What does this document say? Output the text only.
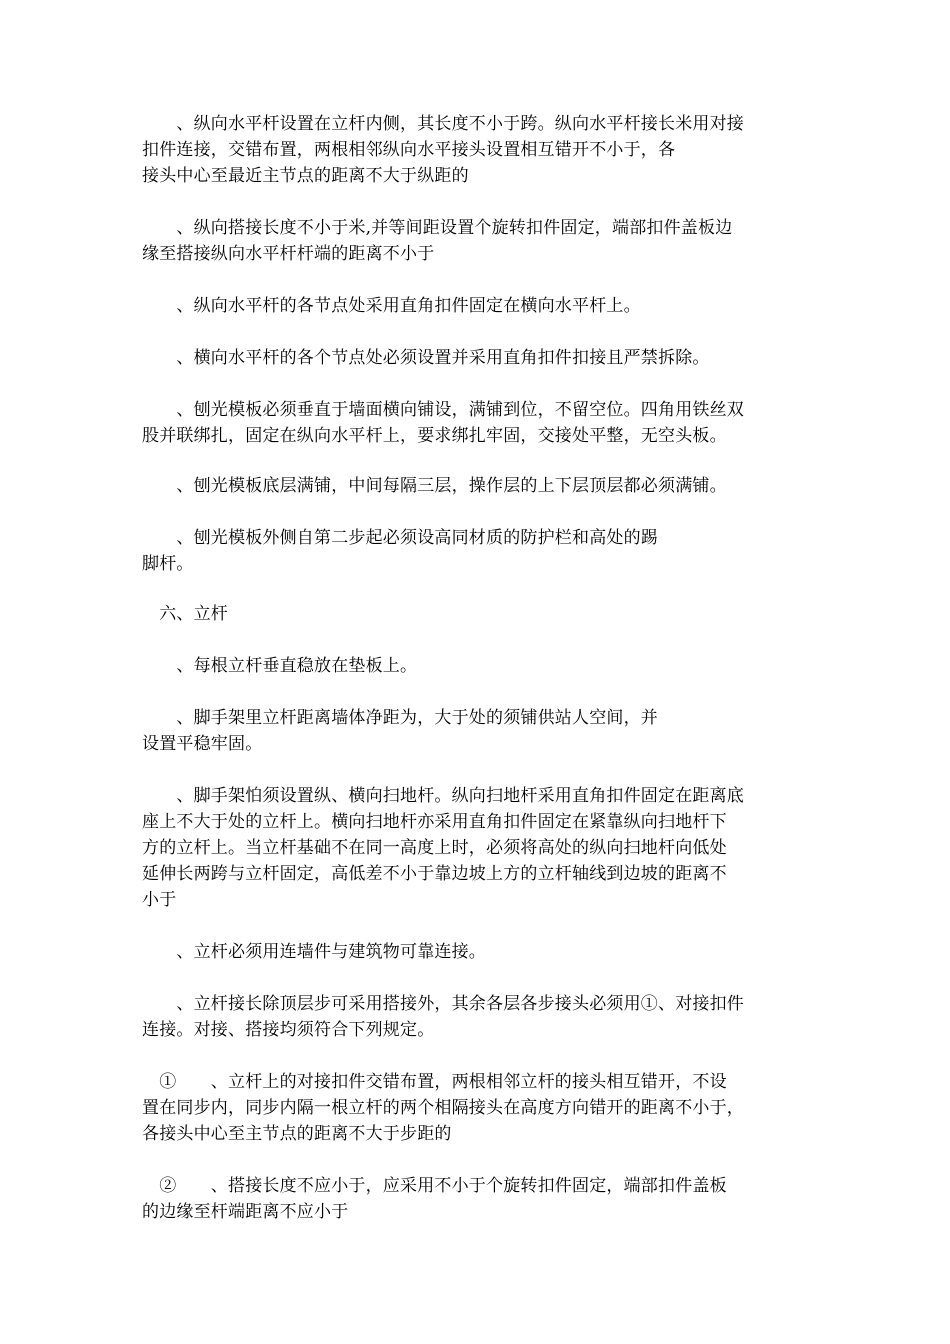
　　、纵向水平杆设置在立杆内侧，其长度不小于跨。纵向水平杆接长米用对接
扣件连接，交错布置，两根相邻纵向水平接头设置相互错开不小于，各
接头中心至最近主节点的距离不大于纵距的
　　、纵向搭接长度不小于米,并等间距设置个旋转扣件固定，端部扣件盖板边
缘至搭接纵向水平杆杆端的距离不小于
　　、纵向水平杆的各节点处采用直角扣件固定在横向水平杆上。
　　、横向水平杆的各个节点处必须设置并采用直角扣件扣接且严禁拆除。
　　、刨光模板必须垂直于墙面横向铺设，满铺到位，不留空位。四角用铁丝双
股并联绑扎，固定在纵向水平杆上，要求绑扎牢固，交接处平整，无空头板。
　　、刨光模板底层满铺，中间每隔三层，操作层的上下层顶层都必须满铺。
　　、刨光模板外侧自第二步起必须设高同材质的防护栏和高处的踢
脚杆。
　六、立杆
　　、每根立杆垂直稳放在垫板上。
　　、脚手架里立杆距离墙体净距为，大于处的须铺供站人空间，并
设置平稳牢固。
　　、脚手架怕须设置纵、横向扫地杆。纵向扫地杆采用直角扣件固定在距离底
座上不大于处的立杆上。横向扫地杆亦采用直角扣件固定在紧靠纵向扫地杆下
方的立杆上。当立杆基础不在同一高度上时，必须将高处的纵向扫地杆向低处
延伸长两跨与立杆固定，高低差不小于靠边坡上方的立杆轴线到边坡的距离不
小于
　　、立杆必须用连墙件与建筑物可靠连接。
　　、立杆接长除顶层步可采用搭接外，其余各层各步接头必须用①、对接扣件
连接。对接、搭接均须符合下列规定。
　①　　、立杆上的对接扣件交错布置，两根相邻立杆的接头相互错开，不设
置在同步内，同步内隔一根立杆的两个相隔接头在高度方向错开的距离不小于，
各接头中心至主节点的距离不大于步距的
　②　　、搭接长度不应小于，应采用不小于个旋转扣件固定，端部扣件盖板
的边缘至杆端距离不应小于
